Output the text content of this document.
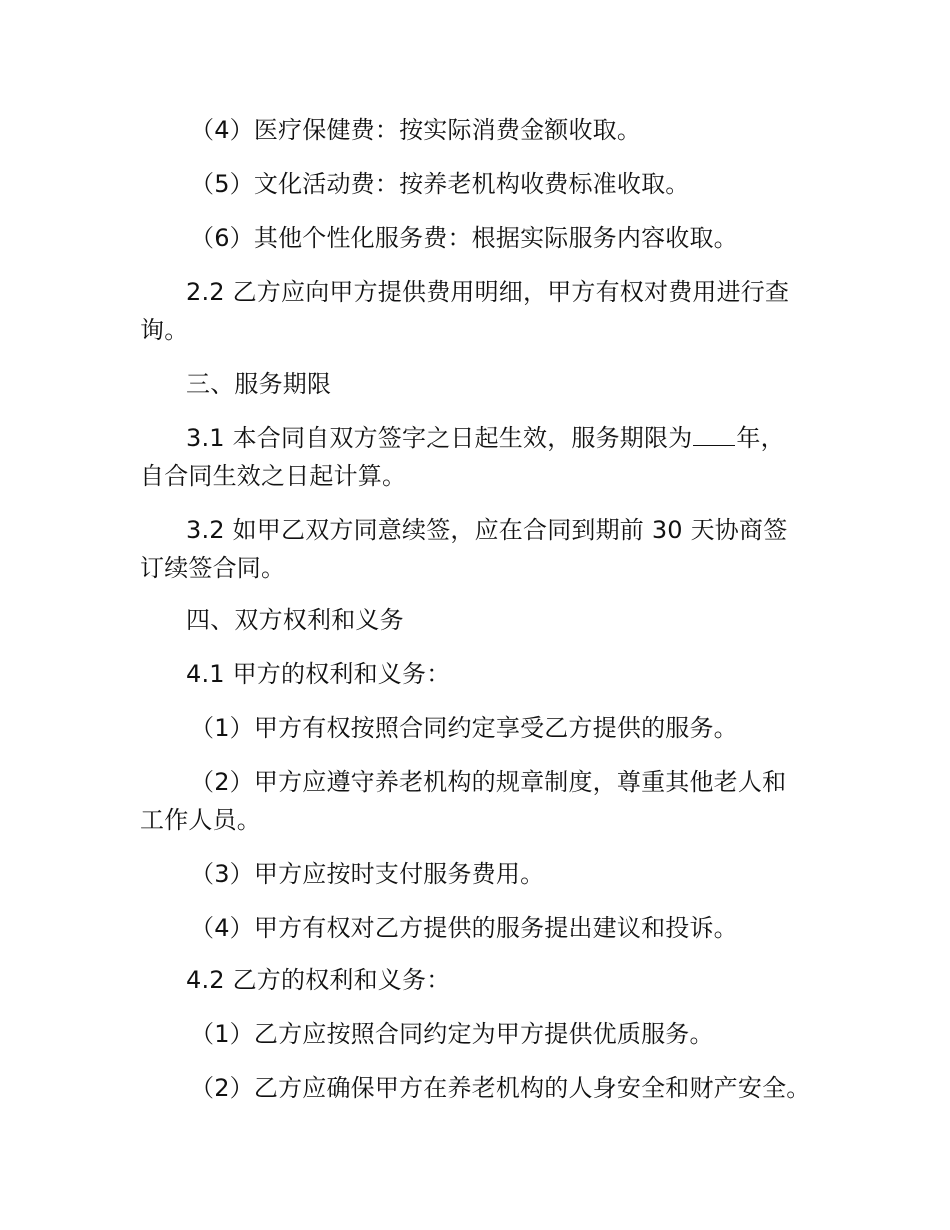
（4）医疗保健费：按实际消费金额收取。
（5）文化活动费：按养老机构收费标准收取。
（6）其他个性化服务费：根据实际服务内容收取。
2.2 乙方应向甲方提供费用明细，甲方有权对费用进行查
询。
三、服务期限
3.1 本合同自双方签字之日起生效，服务期限为 年，
自合同生效之日起计算。
3.2 如甲乙双方同意续签，应在合同到期前 30 天协商签
订续签合同。
四、双方权利和义务
4.1 甲方的权利和义务：
（1）甲方有权按照合同约定享受乙方提供的服务。
（2）甲方应遵守养老机构的规章制度，尊重其他老人和
工作人员。
（3）甲方应按时支付服务费用。
（4）甲方有权对乙方提供的服务提出建议和投诉。
4.2 乙方的权利和义务：
（1）乙方应按照合同约定为甲方提供优质服务。
（2）乙方应确保甲方在养老机构的人身安全和财产安全。
